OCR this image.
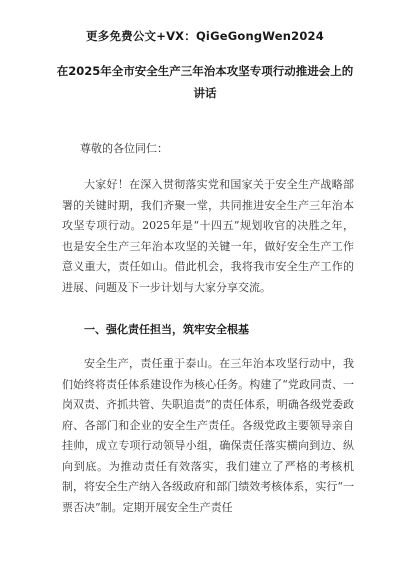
更多免费公文+VX：QiGeGongWen2024
在2025年全市安全生产三年治本攻坚专项行动推进会上的讲话
尊敬的各位同仁：

大家好！在深入贯彻落实党和国家关于安全生产战略部署的关键时期，我们齐聚一堂，共同推进安全生产三年治本攻坚专项行动。2025年是“十四五”规划收官的决胜之年，也是安全生产三年治本攻坚的关键一年，做好安全生产工作意义重大，责任如山。借此机会，我将我市安全生产工作的进展、问题及下一步计划与大家分享交流。

一、强化责任担当，筑牢安全根基

安全生产，责任重于泰山。在三年治本攻坚行动中，我们始终将责任体系建设作为核心任务。构建了“党政同责、一岗双责、齐抓共管、失职追责”的责任体系，明确各级党委政府、各部门和企业的安全生产责任。各级党政主要领导亲自挂帅，成立专项行动领导小组，确保责任落实横向到边、纵向到底。为推动责任有效落实，我们建立了严格的考核机制，将安全生产纳入各级政府和部门绩效考核体系，实行“一票否决”制。定期开展安全生产责任
